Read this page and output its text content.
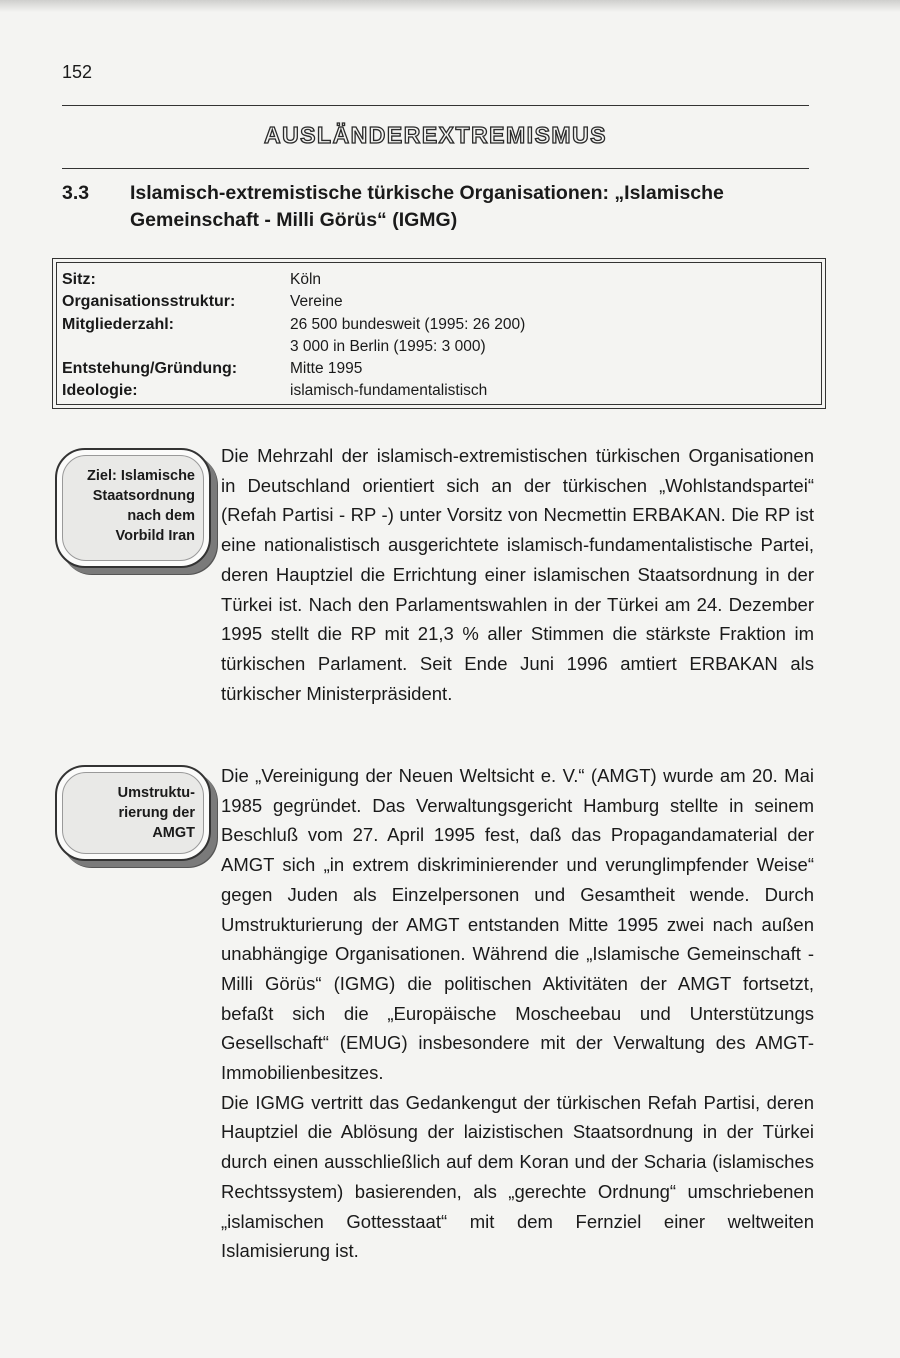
152
AUSLÄNDEREXTREMISMUS
3.3 Islamisch-extremistische türkische Organisationen: „Islamische Gemeinschaft - Milli Görüs“ (IGMG)
Sitz:	Köln
Organisationsstruktur:	Vereine
Mitgliederzahl:	26 500 bundesweit (1995: 26 200)
3 000 in Berlin (1995: 3 000)
Entstehung/Gründung:	Mitte 1995
Ideologie:	islamisch-fundamentalistisch
Ziel: Islamische
Staatsordnung
nach dem
Vorbild Iran
Umstruktu-
rierung der
AMGT

Die Mehrzahl der islamisch-extremistischen türkischen Organisationen in Deutschland orientiert sich an der türkischen „Wohlstandspartei“ (Refah Partisi - RP -) unter Vorsitz von Necmettin ERBAKAN. Die RP ist eine nationalistisch ausgerichtete islamisch-fundamentalistische Partei, deren Hauptziel die Errichtung einer islamischen Staatsordnung in der Türkei ist. Nach den Parlamentswahlen in der Türkei am 24. Dezember 1995 stellt die RP mit 21,3 % aller Stimmen die stärkste Fraktion im türkischen Parlament. Seit Ende Juni 1996 amtiert ERBAKAN als türkischer Ministerpräsident.

Die „Vereinigung der Neuen Weltsicht e. V.“ (AMGT) wurde am 20. Mai 1985 gegründet. Das Verwaltungsgericht Hamburg stellte in seinem Beschluß vom 27. April 1995 fest, daß das Propagandamaterial der AMGT sich „in extrem diskriminierender und verunglimpfender Weise“ gegen Juden als Einzelpersonen und Gesamtheit wende. Durch Umstrukturierung der AMGT entstanden Mitte 1995 zwei nach außen unabhängige Organisationen. Während die „Islamische Gemeinschaft - Milli Görüs“ (IGMG) die politischen Aktivitäten der AMGT fortsetzt, befaßt sich die „Europäische Moscheebau und Unterstützungs Gesellschaft“ (EMUG) insbesondere mit der Verwaltung des AMGT-Immobilienbesitzes.

Die IGMG vertritt das Gedankengut der türkischen Refah Partisi, deren Hauptziel die Ablösung der laizistischen Staatsordnung in der Türkei durch einen ausschließlich auf dem Koran und der Scharia (islamisches Rechtssystem) basierenden, als „gerechte Ordnung“ umschriebenen „islamischen Gottesstaat“ mit dem Fernziel einer weltweiten Islamisierung ist.
